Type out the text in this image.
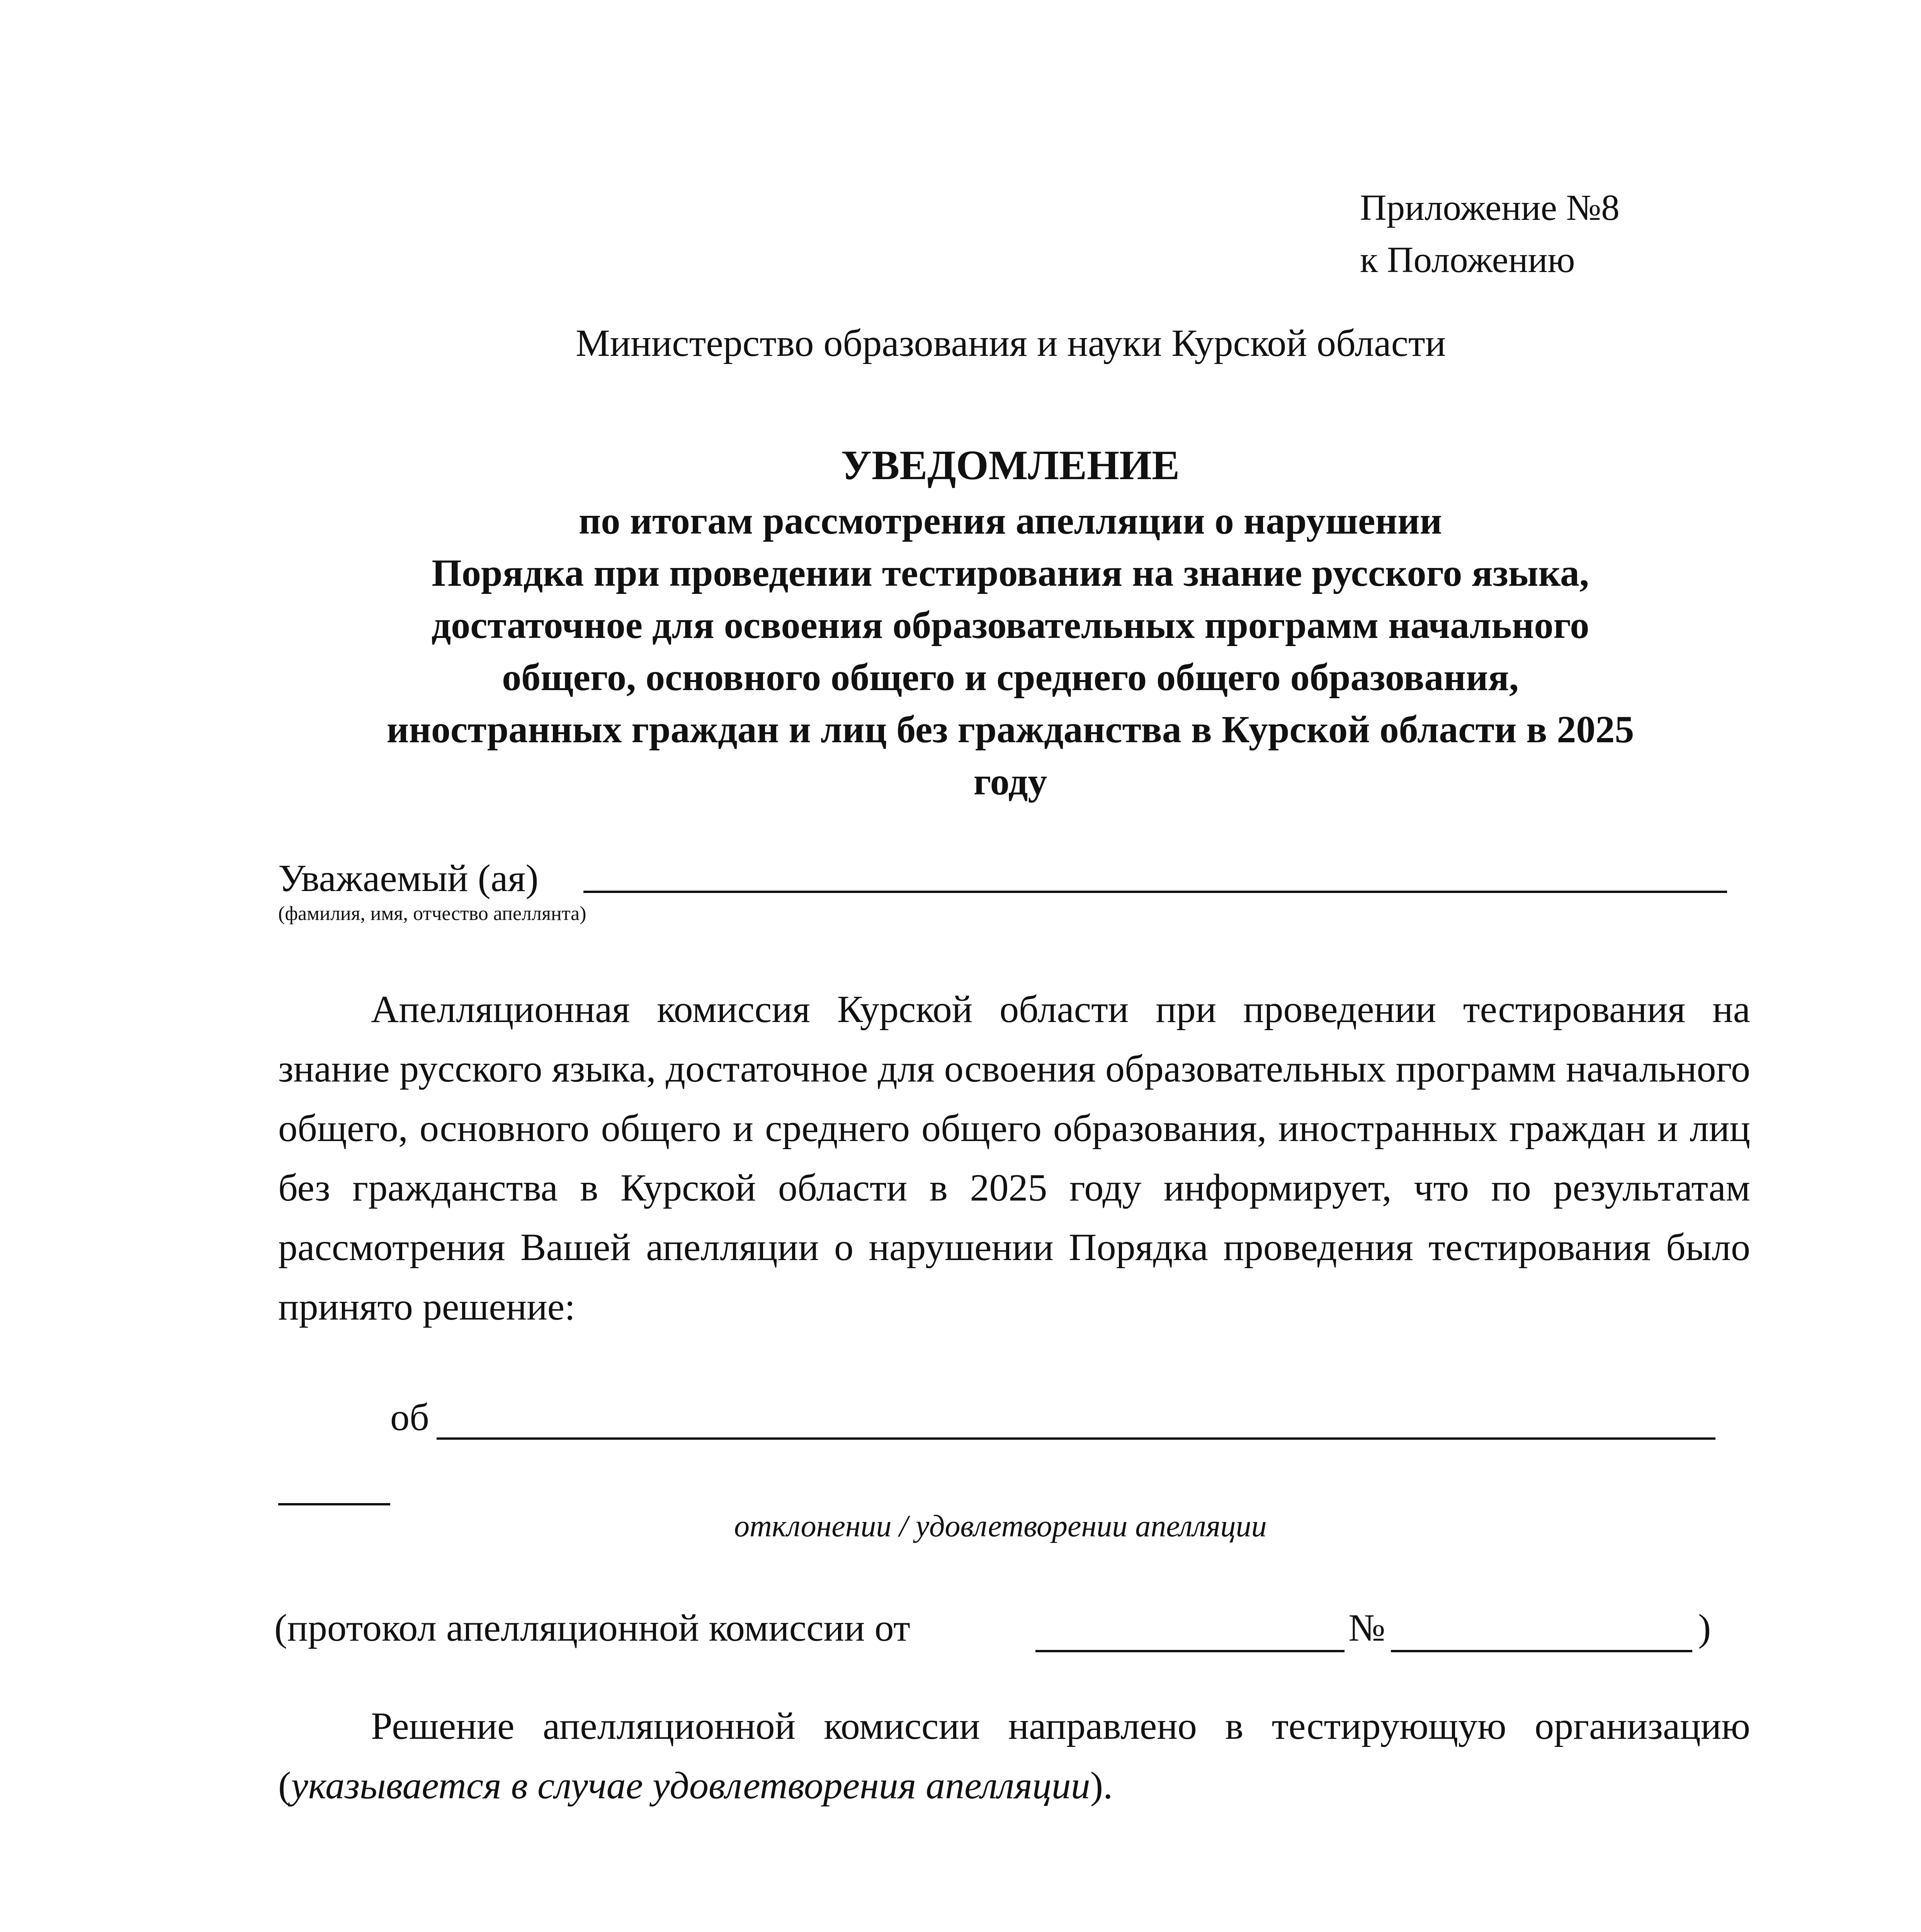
Приложение №8
к Положению
Министерство образования и науки Курской области
УВЕДОМЛЕНИЕ
по итогам рассмотрения апелляции о нарушении
Порядка при проведении тестирования на знание русского языка,
достаточное для освоения образовательных программ начального
общего, основного общего и среднего общего образования,
иностранных граждан и лиц без гражданства в Курской области в 2025
году
Уважаемый (ая)
(фамилия, имя, отчество апеллянта)
Апелляционная комиссия Курской области при проведении тестирования на знание русского языка, достаточное для освоения образовательных программ начального общего, основного общего и среднего общего образования, иностранных граждан и лиц без гражданства в Курской области в 2025 году информирует, что по результатам рассмотрения Вашей апелляции о нарушении Порядка проведения тестирования было принято решение:
об
отклонении / удовлетворении апелляции
(протокол апелляционной комиссии от	№	)
Решение апелляционной комиссии направлено в тестирующую организацию (указывается в случае удовлетворения апелляции).
